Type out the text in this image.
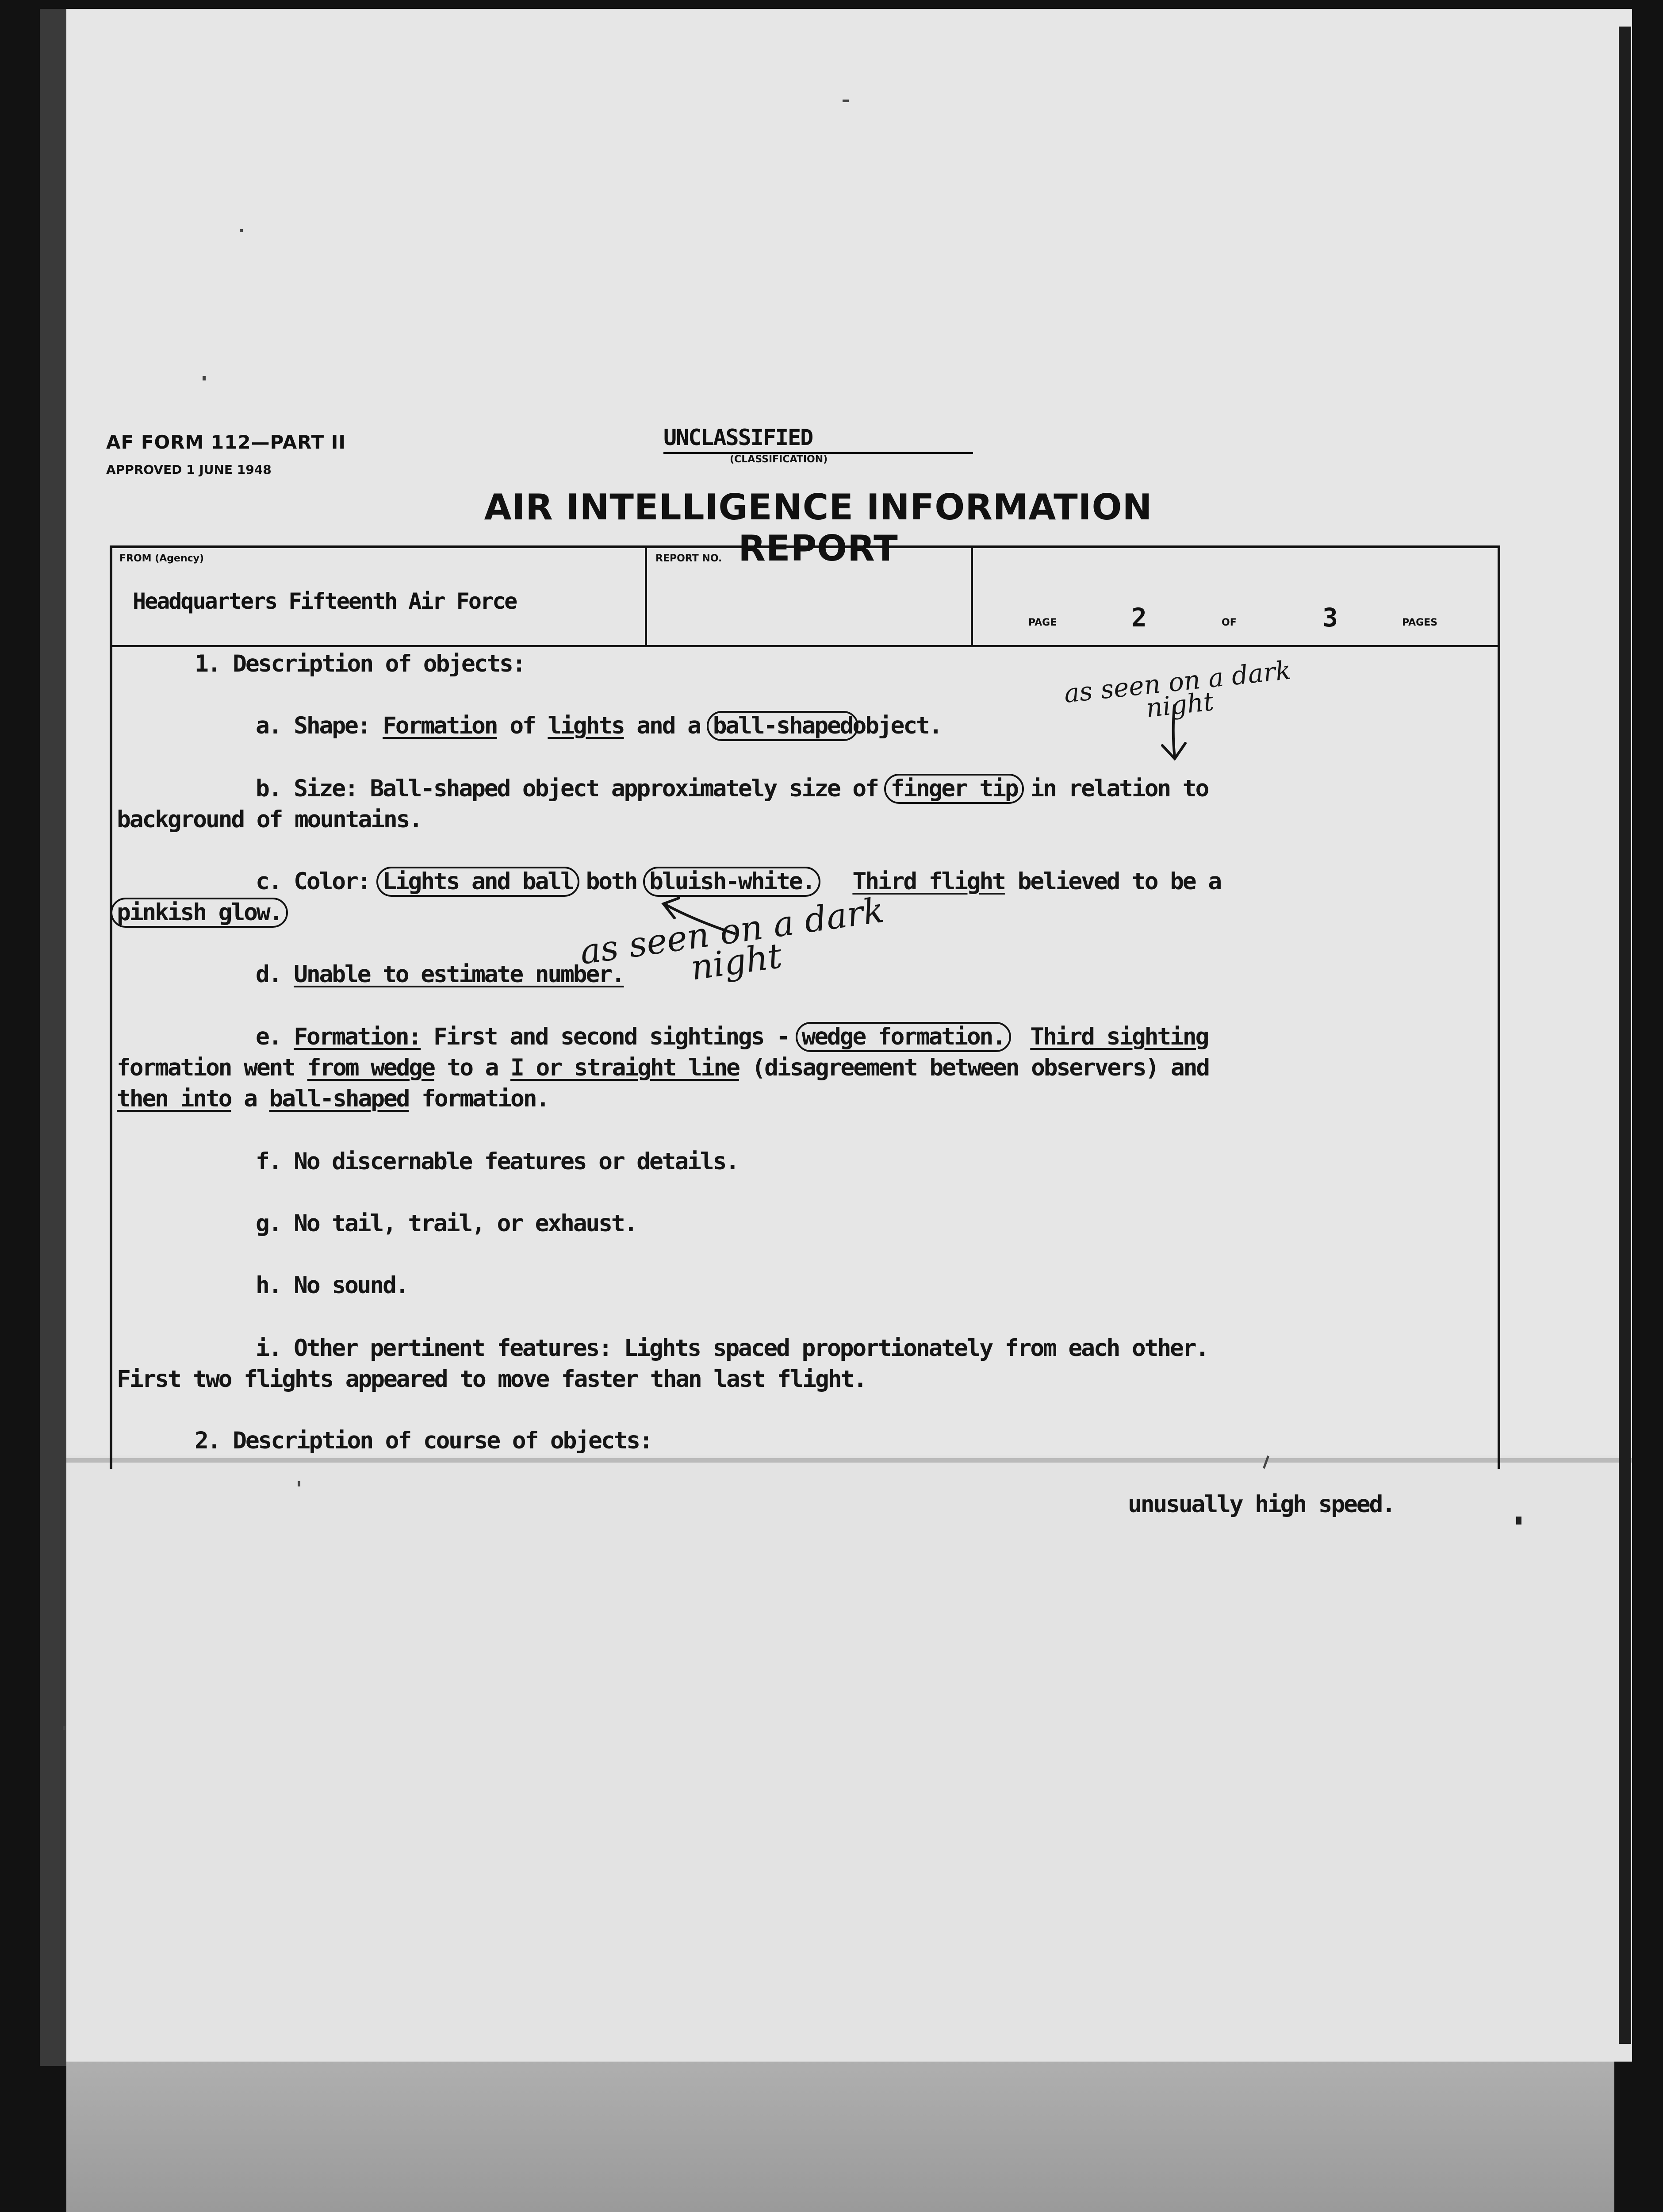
AF FORM 112—PART II
APPROVED 1 JUNE 1948
UNCLASSIFIED
(CLASSIFICATION)
AIR INTELLIGENCE INFORMATION REPORT
FROM (Agency)
Headquarters Fifteenth Air Force
REPORT NO.
PAGE	2	OF	3	PAGES
1. Description of objects:
a. Shape: Formation of lights and a ball-shapedobject.
b. Size: Ball-shaped object approximately size of finger tip in relation to
background of mountains.
c. Color: Lights and ball both bluish-white. Third flight believed to be a
pinkish glow.
d. Unable to estimate number.
e. Formation: First and second sightings - wedge formation. Third sighting
formation went from wedge to a I or straight line (disagreement between observers) and
then into a ball-shaped formation.
f. No discernable features or details.
g. No tail, trail, or exhaust.
h. No sound.
i. Other pertinent features: Lights spaced proportionately from each other.
First two flights appeared to move faster than last flight.
2. Description of course of objects:
unusually high speed.
as seen on a dark night
as seen on a dark night
